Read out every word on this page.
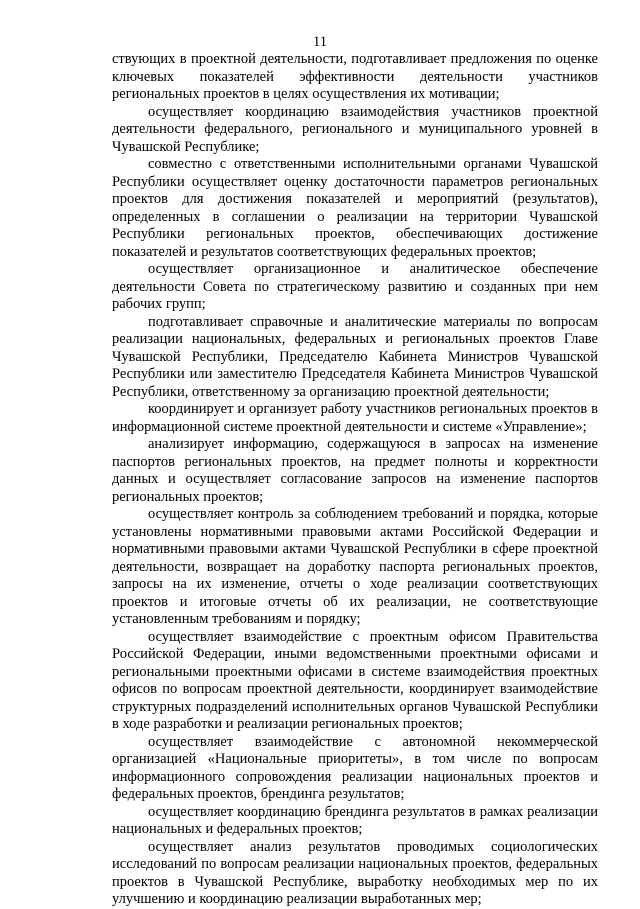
11

ствующих в проектной деятельности, подготавливает предложения по оценке ключевых показателей эффективности деятельности участников региональных проектов в целях осуществления их мотивации;

осуществляет координацию взаимодействия участников проектной деятельности федерального, регионального и муниципального уровней в Чувашской Республике;

совместно с ответственными исполнительными органами Чувашской Республики осуществляет оценку достаточности параметров региональных проектов для достижения показателей и мероприятий (результатов), определенных в соглашении о реализации на территории Чувашской Республики региональных проектов, обеспечивающих достижение показателей и результатов соответствующих федеральных проектов;

осуществляет организационное и аналитическое обеспечение деятельности Совета по стратегическому развитию и созданных при нем рабочих групп;

подготавливает справочные и аналитические материалы по вопросам реализации национальных, федеральных и региональных проектов Главе Чувашской Республики, Председателю Кабинета Министров Чувашской Республики или заместителю Председателя Кабинета Министров Чувашской Республики, ответственному за организацию проектной деятельности;

координирует и организует работу участников региональных проектов в информационной системе проектной деятельности и системе «Управление»;

анализирует информацию, содержащуюся в запросах на изменение паспортов региональных проектов, на предмет полноты и корректности данных и осуществляет согласование запросов на изменение паспортов региональных проектов;

осуществляет контроль за соблюдением требований и порядка, которые установлены нормативными правовыми актами Российской Федерации и нормативными правовыми актами Чувашской Республики в сфере проектной деятельности, возвращает на доработку паспорта региональных проектов, запросы на их изменение, отчеты о ходе реализации соответствующих проектов и итоговые отчеты об их реализации, не соответствующие установленным требованиям и порядку;

осуществляет взаимодействие с проектным офисом Правительства Российской Федерации, иными ведомственными проектными офисами и региональными проектными офисами в системе взаимодействия проектных офисов по вопросам проектной деятельности, координирует взаимодействие структурных подразделений исполнительных органов Чувашской Республики в ходе разработки и реализации региональных проектов;

осуществляет взаимодействие с автономной некоммерческой организацией «Национальные приоритеты», в том числе по вопросам информационного сопровождения реализации национальных проектов и федеральных проектов, брендинга результатов;

осуществляет координацию брендинга результатов в рамках реализации национальных и федеральных проектов;

осуществляет анализ результатов проводимых социологических исследований по вопросам реализации национальных проектов, федеральных проектов в Чувашской Республике, выработку необходимых мер по их улучшению и координацию реализации выработанных мер;
